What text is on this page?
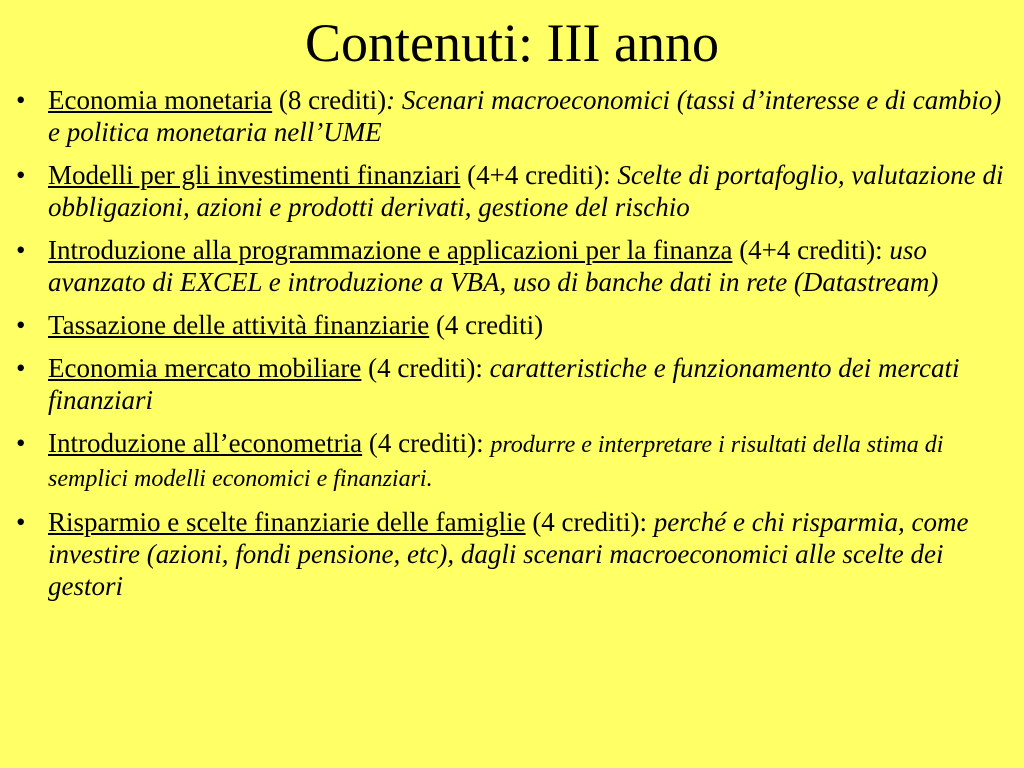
Contenuti: III anno
• Economia monetaria (8 crediti): Scenari macroeconomici (tassi d’interesse e di cambio) e politica monetaria nell’UME
• Modelli per gli investimenti finanziari (4+4 crediti): Scelte di portafoglio, valutazione di obbligazioni, azioni e prodotti derivati, gestione del rischio
• Introduzione alla programmazione e applicazioni per la finanza (4+4 crediti): uso avanzato di EXCEL e introduzione a VBA, uso di banche dati in rete (Datastream)
• Tassazione delle attività finanziarie (4 crediti)
• Economia mercato mobiliare (4 crediti): caratteristiche e funzionamento dei mercati finanziari
• Introduzione all’econometria (4 crediti): produrre e interpretare i risultati della stima di semplici modelli economici e finanziari.
• Risparmio e scelte finanziarie delle famiglie (4 crediti): perché e chi risparmia, come investire (azioni, fondi pensione, etc), dagli scenari macroeconomici alle scelte dei gestori
